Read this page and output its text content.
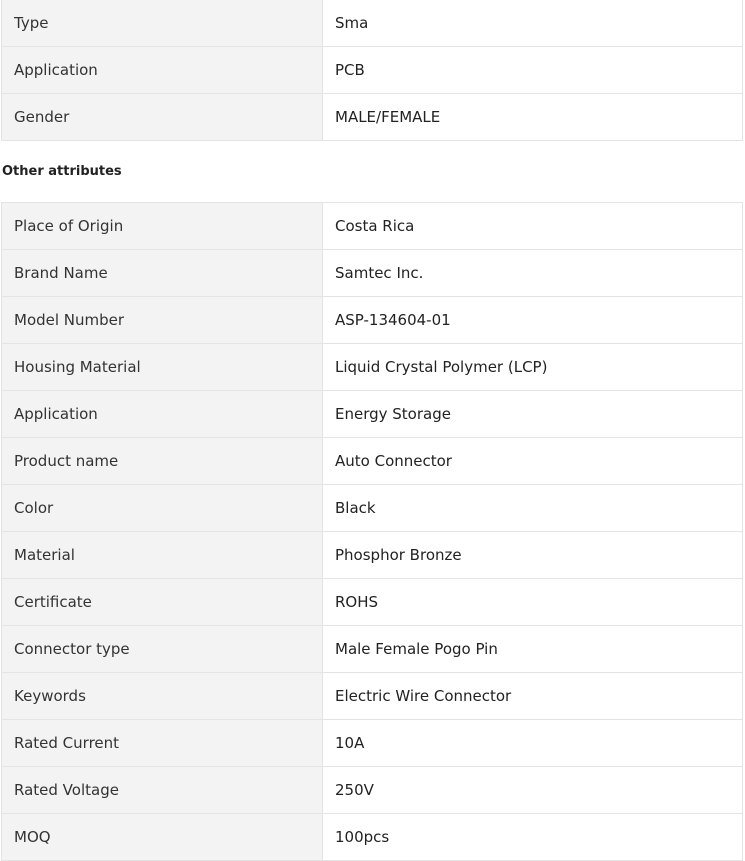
Type	Sma
Application	PCB
Gender	MALE/FEMALE
Other attributes
Place of Origin	Costa Rica
Brand Name	Samtec Inc.
Model Number	ASP-134604-01
Housing Material	Liquid Crystal Polymer (LCP)
Application	Energy Storage
Product name	Auto Connector
Color	Black
Material	Phosphor Bronze
Certificate	ROHS
Connector type	Male Female Pogo Pin
Keywords	Electric Wire Connector
Rated Current	10A
Rated Voltage	250V
MOQ	100pcs
